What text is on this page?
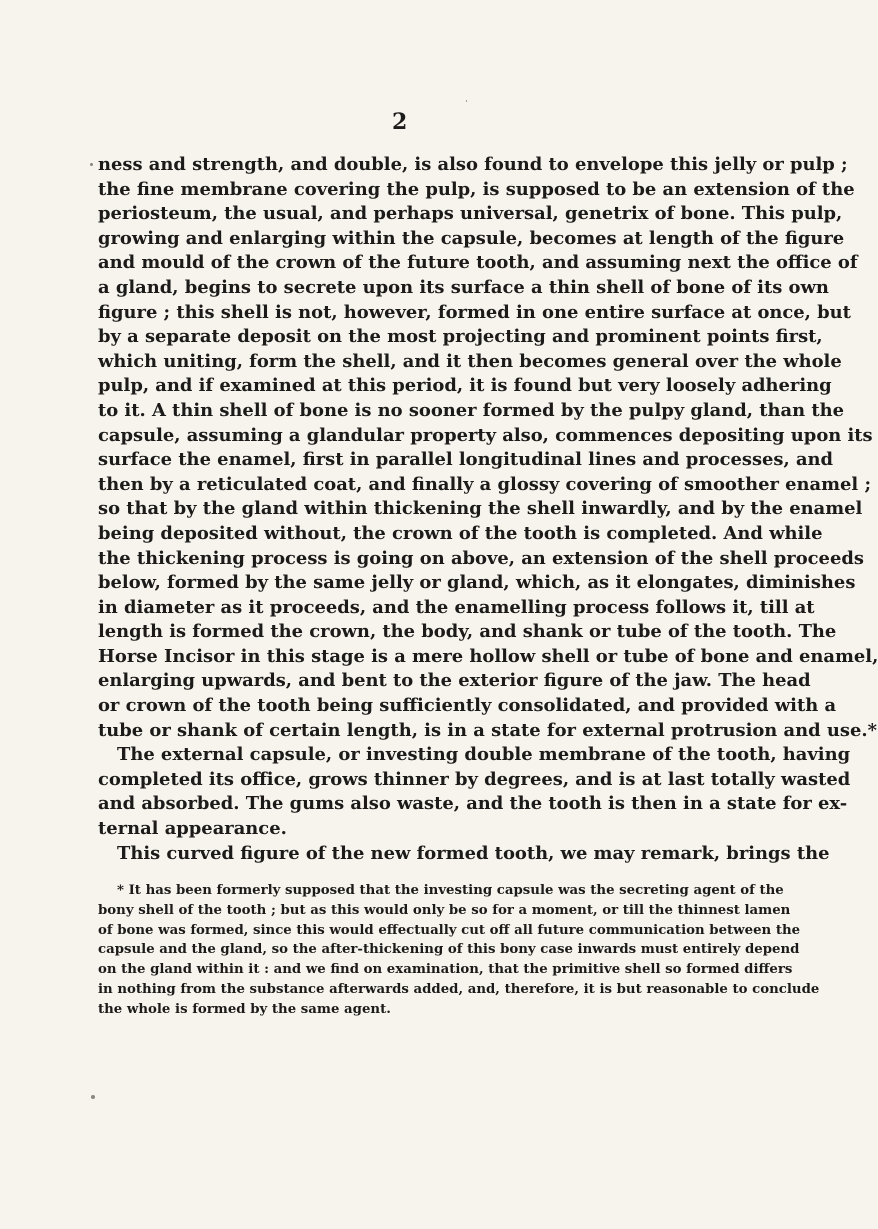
2
ness and strength, and double, is also found to envelope this jelly or pulp ;
the fine membrane covering the pulp, is supposed to be an extension of the
periosteum, the usual, and perhaps universal, genetrix of bone. This pulp,
growing and enlarging within the capsule, becomes at length of the figure
and mould of the crown of the future tooth, and assuming next the office of
a gland, begins to secrete upon its surface a thin shell of bone of its own
figure ; this shell is not, however, formed in one entire surface at once, but
by a separate deposit on the most projecting and prominent points first,
which uniting, form the shell, and it then becomes general over the whole
pulp, and if examined at this period, it is found but very loosely adhering
to it. A thin shell of bone is no sooner formed by the pulpy gland, than the
capsule, assuming a glandular property also, commences depositing upon its
surface the enamel, first in parallel longitudinal lines and processes, and
then by a reticulated coat, and finally a glossy covering of smoother enamel ;
so that by the gland within thickening the shell inwardly, and by the enamel
being deposited without, the crown of the tooth is completed. And while
the thickening process is going on above, an extension of the shell proceeds
below, formed by the same jelly or gland, which, as it elongates, diminishes
in diameter as it proceeds, and the enamelling process follows it, till at
length is formed the crown, the body, and shank or tube of the tooth. The
Horse Incisor in this stage is a mere hollow shell or tube of bone and enamel,
enlarging upwards, and bent to the exterior figure of the jaw. The head
or crown of the tooth being sufficiently consolidated, and provided with a
tube or shank of certain length, is in a state for external protrusion and use.*
The external capsule, or investing double membrane of the tooth, having
completed its office, grows thinner by degrees, and is at last totally wasted
and absorbed. The gums also waste, and the tooth is then in a state for ex-
ternal appearance.
This curved figure of the new formed tooth, we may remark, brings the
* It has been formerly supposed that the investing capsule was the secreting agent of the
bony shell of the tooth ; but as this would only be so for a moment, or till the thinnest lamen
of bone was formed, since this would effectually cut off all future communication between the
capsule and the gland, so the after-thickening of this bony case inwards must entirely depend
on the gland within it : and we find on examination, that the primitive shell so formed differs
in nothing from the substance afterwards added, and, therefore, it is but reasonable to conclude
the whole is formed by the same agent.
